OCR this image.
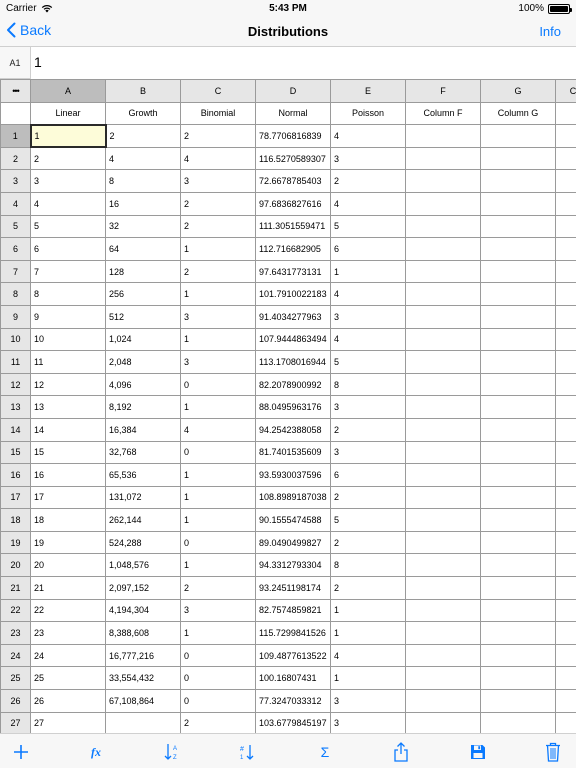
Carrier	5:43 PM	100%
Back	Distributions	Info
A1 1
•••	A	B	C	D	E	F	G	C
	Linear	Growth	Binomial	Normal	Poisson	Column F	Column G	
1	1	2	2	78.7706816839	4			
2	2	4	4	116.5270589307	3			
3	3	8	3	72.6678785403	2			
4	4	16	2	97.6836827616	4			
5	5	32	2	111.3051559471	5			
6	6	64	1	112.716682905	6			
7	7	128	2	97.6431773131	1			
8	8	256	1	101.7910022183	4			
9	9	512	3	91.4034277963	3			
10	10	1,024	1	107.9444863494	4			
11	11	2,048	3	113.1708016944	5			
12	12	4,096	0	82.2078900992	8			
13	13	8,192	1	88.0495963176	3			
14	14	16,384	4	94.2542388058	2			
15	15	32,768	0	81.7401535609	3			
16	16	65,536	1	93.5930037596	6			
17	17	131,072	1	108.8989187038	2			
18	18	262,144	1	90.1555474588	5			
19	19	524,288	0	89.0490499827	2			
20	20	1,048,576	1	94.3312793304	8			
21	21	2,097,152	2	93.2451198174	2			
22	22	4,194,304	3	82.7574859821	1			
23	23	8,388,608	1	115.7299841526	1			
24	24	16,777,216	0	109.4877613522	4			
25	25	33,554,432	0	100.16807431	1			
26	26	67,108,864	0	77.3247033312	3			
27	27		2	103.6779845197	3			
fx	A
Z
#
1	Σ
